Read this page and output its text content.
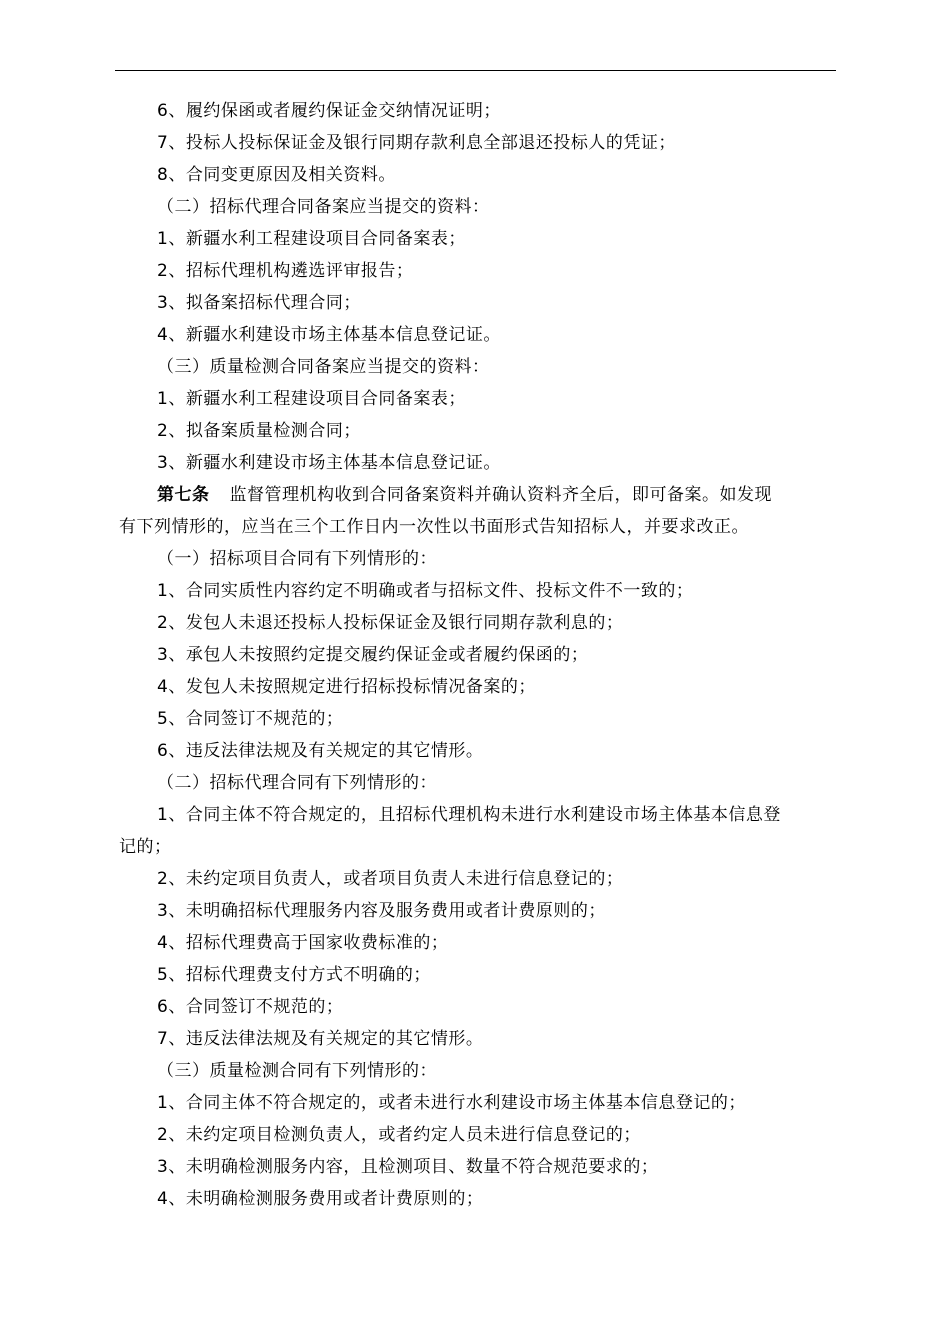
6、履约保函或者履约保证金交纳情况证明；
7、投标人投标保证金及银行同期存款利息全部退还投标人的凭证；
8、合同变更原因及相关资料。
（二）招标代理合同备案应当提交的资料：
1、新疆水利工程建设项目合同备案表；
2、招标代理机构遴选评审报告；
3、拟备案招标代理合同；
4、新疆水利建设市场主体基本信息登记证。
（三）质量检测合同备案应当提交的资料：
1、新疆水利工程建设项目合同备案表；
2、拟备案质量检测合同；
3、新疆水利建设市场主体基本信息登记证。
第七条 监督管理机构收到合同备案资料并确认资料齐全后，即可备案。如发现
有下列情形的，应当在三个工作日内一次性以书面形式告知招标人，并要求改正。
（一）招标项目合同有下列情形的：
1、合同实质性内容约定不明确或者与招标文件、投标文件不一致的；
2、发包人未退还投标人投标保证金及银行同期存款利息的；
3、承包人未按照约定提交履约保证金或者履约保函的；
4、发包人未按照规定进行招标投标情况备案的；
5、合同签订不规范的；
6、违反法律法规及有关规定的其它情形。
（二）招标代理合同有下列情形的：
1、合同主体不符合规定的，且招标代理机构未进行水利建设市场主体基本信息登
记的；
2、未约定项目负责人，或者项目负责人未进行信息登记的；
3、未明确招标代理服务内容及服务费用或者计费原则的；
4、招标代理费高于国家收费标准的；
5、招标代理费支付方式不明确的；
6、合同签订不规范的；
7、违反法律法规及有关规定的其它情形。
（三）质量检测合同有下列情形的：
1、合同主体不符合规定的，或者未进行水利建设市场主体基本信息登记的；
2、未约定项目检测负责人，或者约定人员未进行信息登记的；
3、未明确检测服务内容，且检测项目、数量不符合规范要求的；
4、未明确检测服务费用或者计费原则的；
